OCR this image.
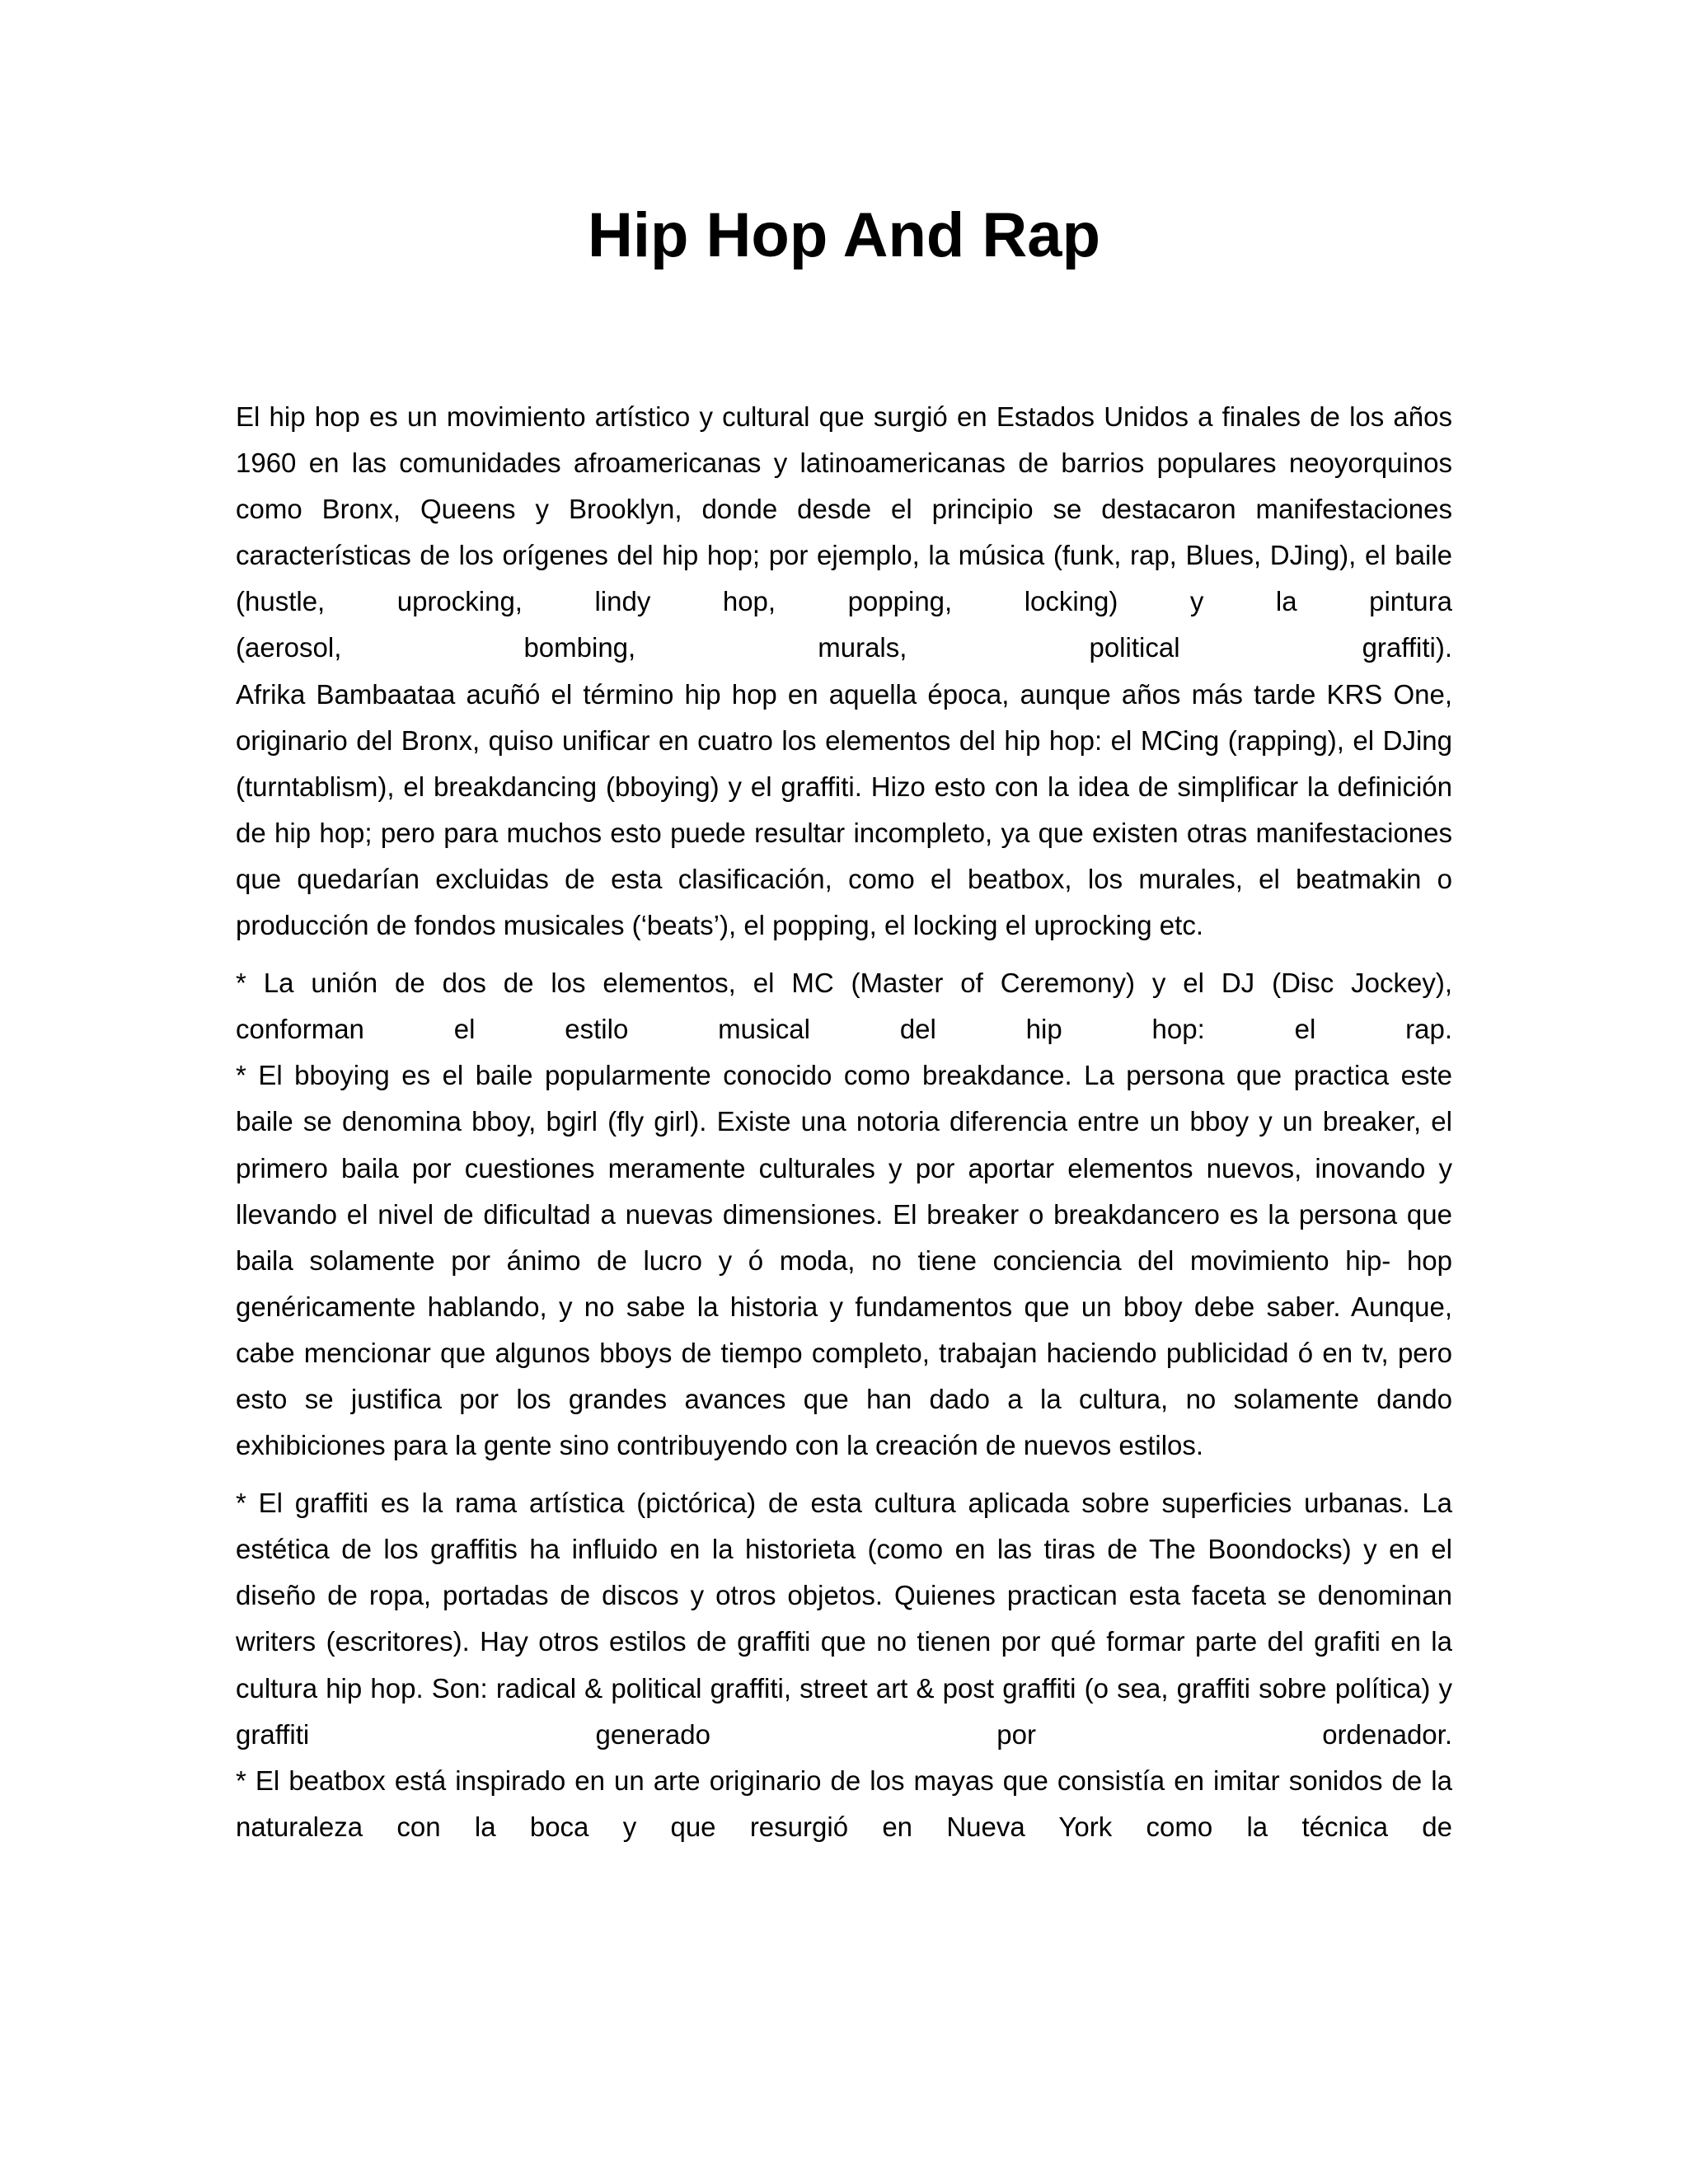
Hip Hop And Rap

El hip hop es un movimiento artístico y cultural que surgió en Estados Unidos a finales de los años 1960 en las comunidades afroamericanas y latinoamericanas de barrios populares neoyorquinos como Bronx, Queens y Brooklyn, donde desde el principio se destacaron manifestaciones características de los orígenes del hip hop; por ejemplo, la música (funk, rap, Blues, DJing), el baile (hustle, uprocking, lindy hop, popping, locking) y la pintura
(aerosol, bombing, murals, political graffiti).
Afrika Bambaataa acuñó el término hip hop en aquella época, aunque años más tarde KRS One, originario del Bronx, quiso unificar en cuatro los elementos del hip hop: el MCing (rapping), el DJing (turntablism), el breakdancing (bboying) y el graffiti. Hizo esto con la idea de simplificar la definición de hip hop; pero para muchos esto puede resultar incompleto, ya que existen otras manifestaciones que quedarían excluidas de esta clasificación, como el beatbox, los murales, el beatmakin o producción de fondos musicales (‘beats’), el popping, el locking el uprocking etc.

* La unión de dos de los elementos, el MC (Master of Ceremony) y el DJ (Disc Jockey),
conforman el estilo musical del hip hop: el rap.
* El bboying es el baile popularmente conocido como breakdance. La persona que practica este baile se denomina bboy, bgirl (fly girl). Existe una notoria diferencia entre un bboy y un breaker, el primero baila por cuestiones meramente culturales y por aportar elementos nuevos, inovando y llevando el nivel de dificultad a nuevas dimensiones. El breaker o breakdancero es la persona que baila solamente por ánimo de lucro y ó moda, no tiene conciencia del movimiento hip- hop genéricamente hablando, y no sabe la historia y fundamentos que un bboy debe saber. Aunque, cabe mencionar que algunos bboys de tiempo completo, trabajan haciendo publicidad ó en tv, pero esto se justifica por los grandes avances que han dado a la cultura, no solamente dando exhibiciones para la gente sino contribuyendo con la creación de nuevos estilos.

* El graffiti es la rama artística (pictórica) de esta cultura aplicada sobre superficies urbanas. La estética de los graffitis ha influido en la historieta (como en las tiras de The Boondocks) y en el diseño de ropa, portadas de discos y otros objetos. Quienes practican esta faceta se denominan writers (escritores). Hay otros estilos de graffiti que no tienen por qué formar parte del grafiti en la cultura hip hop. Son: radical & political graffiti, street art & post graffiti (o sea, graffiti sobre política) y graffiti generado por ordenador.
* El beatbox está inspirado en un arte originario de los mayas que consistía en imitar sonidos de la naturaleza con la boca y que resurgió en Nueva York como la técnica de
